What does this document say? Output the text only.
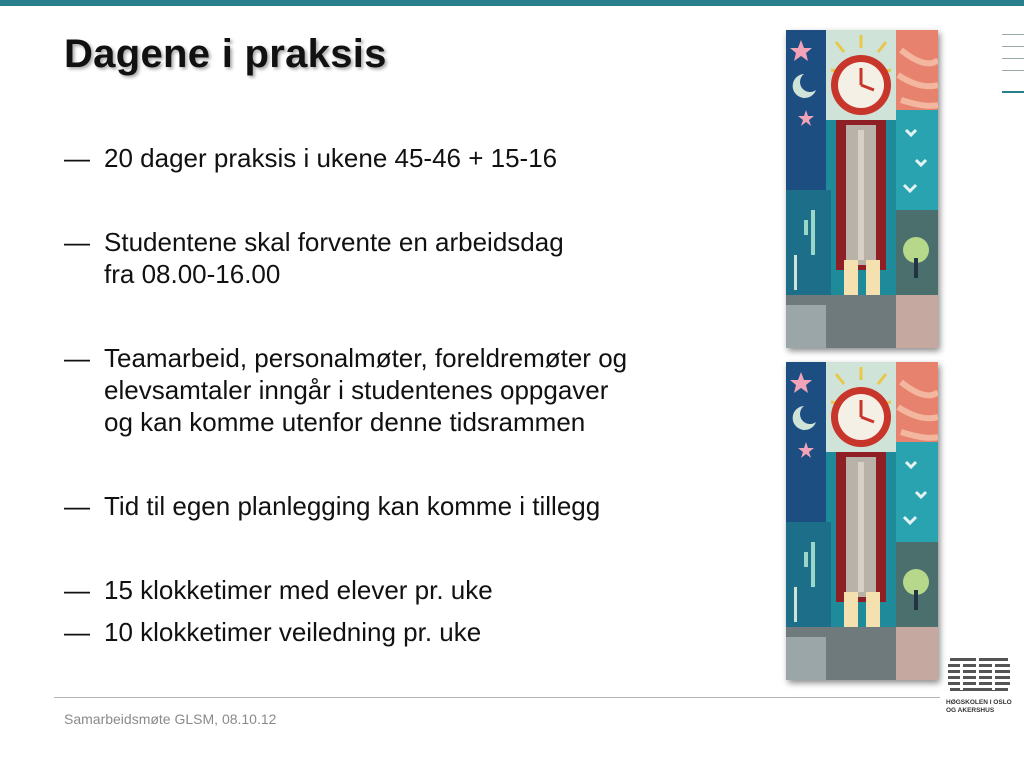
Dagene i praksis
— 20 dager praksis i ukene 45-46 + 15-16
— Studentene skal forvente en arbeidsdag
fra 08.00-16.00
— Teamarbeid, personalmøter, foreldremøter og
elevsamtaler inngår i studentenes oppgaver
og kan komme utenfor denne tidsrammen
— Tid til egen planlegging kan komme i tillegg
— 15 klokketimer med elever pr. uke
— 10 klokketimer veiledning pr. uke
Samarbeidsmøte GLSM, 08.10.12
HØGSKOLEN I OSLO
OG AKERSHUS
